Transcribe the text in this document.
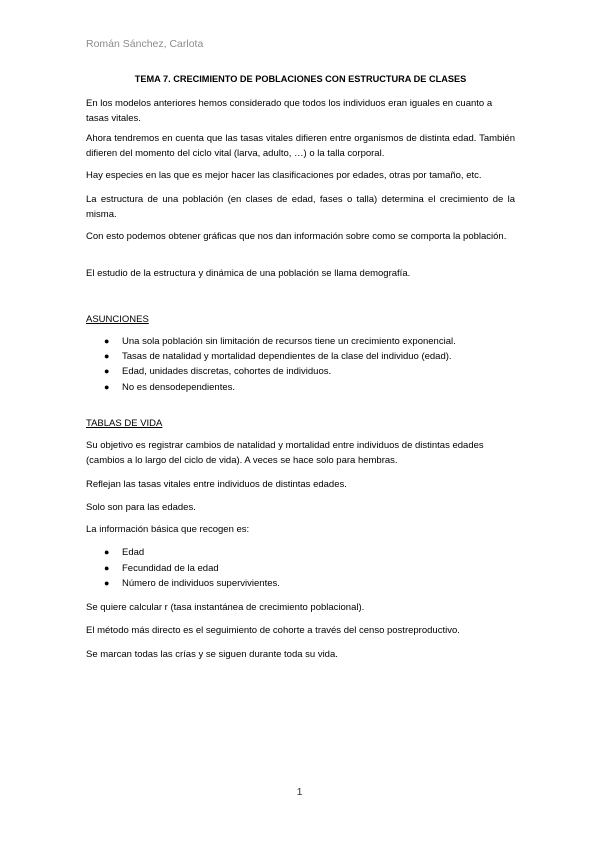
Román Sánchez, Carlota
TEMA 7. CRECIMIENTO DE POBLACIONES CON ESTRUCTURA DE CLASES

En los modelos anteriores hemos considerado que todos los individuos eran iguales en cuanto a tasas vitales.

Ahora tendremos en cuenta que las tasas vitales difieren entre organismos de distinta edad. También difieren del momento del ciclo vital (larva, adulto, …) o la talla corporal.

Hay especies en las que es mejor hacer las clasificaciones por edades, otras por tamaño, etc.

La estructura de una población (en clases de edad, fases o talla) determina el crecimiento de la misma.

Con esto podemos obtener gráficas que nos dan información sobre como se comporta la población.

El estudio de la estructura y dinámica de una población se llama demografía.

ASUNCIONES
●	Una sola población sin limitación de recursos tiene un crecimiento exponencial.
●	Tasas de natalidad y mortalidad dependientes de la clase del individuo (edad).
●	Edad, unidades discretas, cohortes de individuos.
●	No es densodependientes.
TABLAS DE VIDA

Su objetivo es registrar cambios de natalidad y mortalidad entre individuos de distintas edades (cambios a lo largo del ciclo de vida). A veces se hace solo para hembras.

Reflejan las tasas vitales entre individuos de distintas edades.

Solo son para las edades.

La información básica que recogen es:

●	Edad
●	Fecundidad de la edad
●	Número de individuos supervivientes.

Se quiere calcular r (tasa instantánea de crecimiento poblacional).

El método más directo es el seguimiento de cohorte a través del censo postreproductivo.

Se marcan todas las crías y se siguen durante toda su vida.

1
